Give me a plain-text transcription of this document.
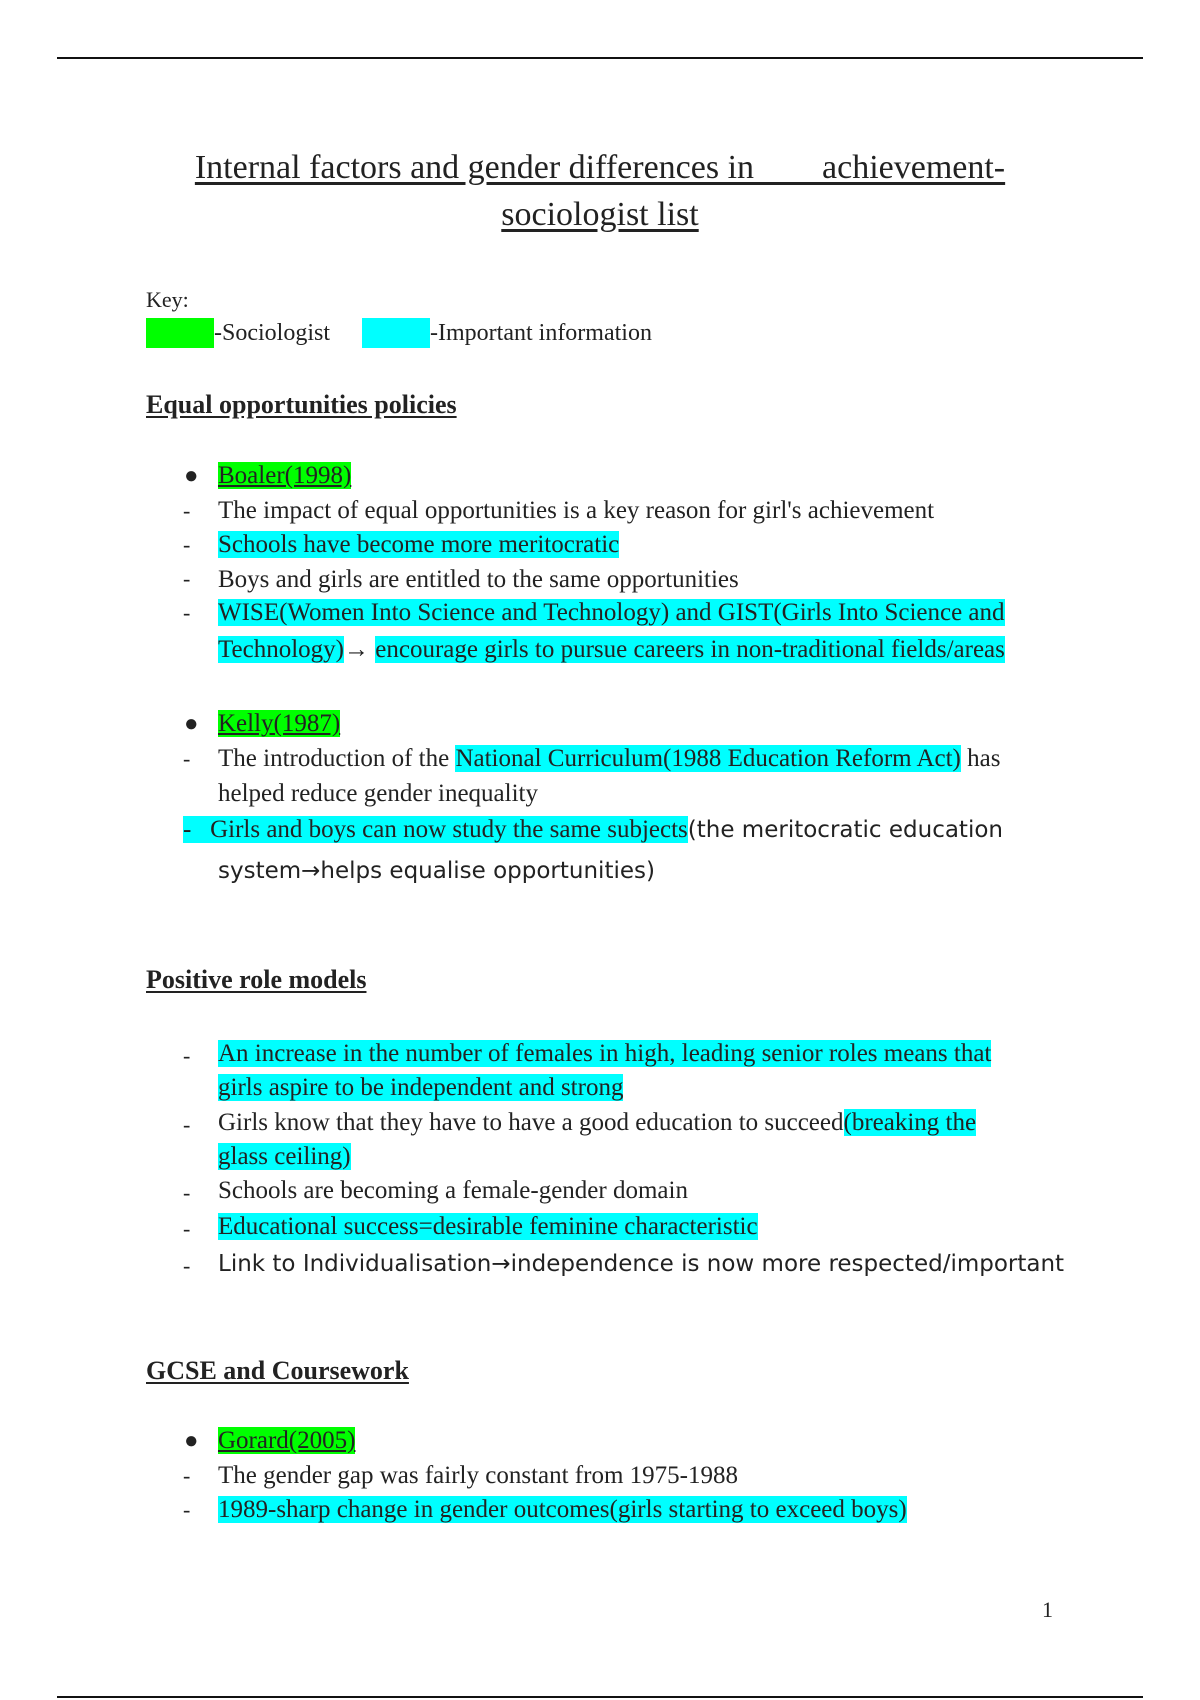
Internal factors and gender differences in        achievement-
sociologist list
Key:
-Sociologist	-Important information
Equal opportunities policies
● Boaler(1998)
- The impact of equal opportunities is a key reason for girl's achievement
- Schools have become more meritocratic
- Boys and girls are entitled to the same opportunities
- WISE(Women Into Science and Technology) and GIST(Girls Into Science and
Technology)→ encourage girls to pursue careers in non-traditional fields/areas
● Kelly(1987)
- The introduction of the National Curriculum(1988 Education Reform Act) has
helped reduce gender inequality
-   Girls and boys can now study the same subjects(the meritocratic education
system→helps equalise opportunities)
Positive role models
- An increase in the number of females in high, leading senior roles means that
girls aspire to be independent and strong
- Girls know that they have to have a good education to succeed(breaking the
glass ceiling)
- Schools are becoming a female-gender domain
- Educational success=desirable feminine characteristic
- Link to Individualisation→independence is now more respected/important
GCSE and Coursework
● Gorard(2005)
- The gender gap was fairly constant from 1975-1988
- 1989-sharp change in gender outcomes(girls starting to exceed boys)
1
